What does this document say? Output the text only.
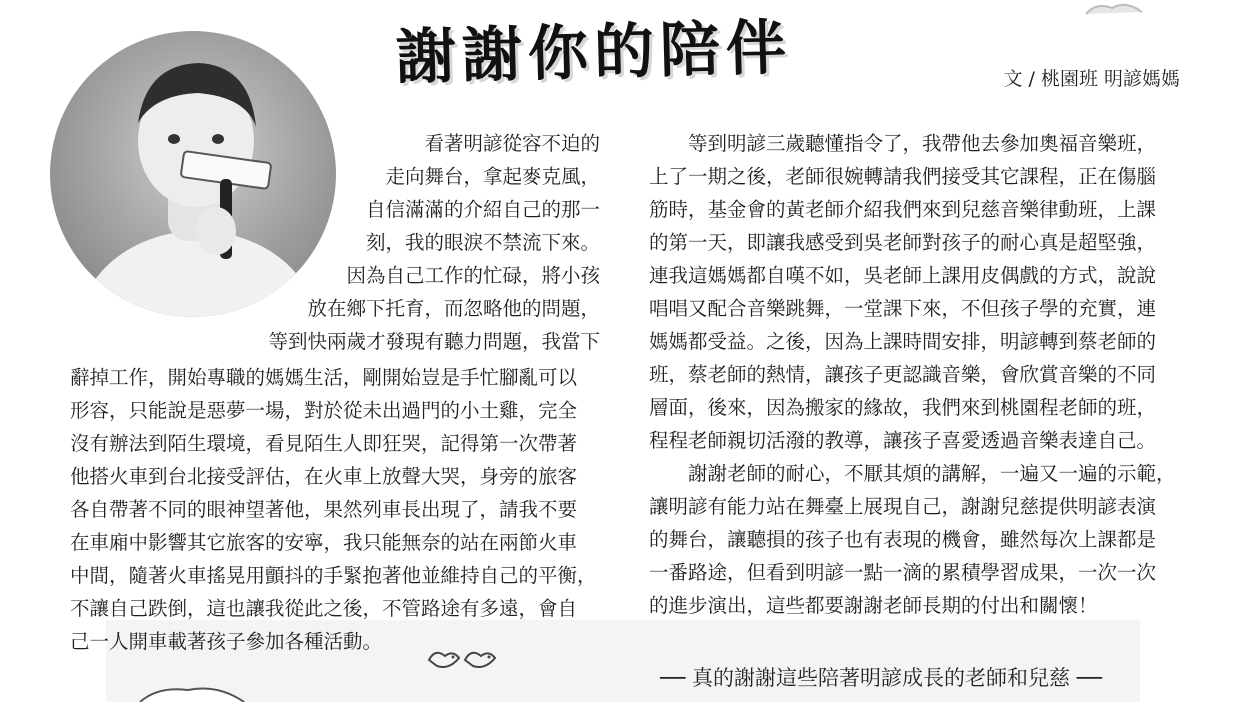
謝謝你的陪伴	文 / 桃園班 明諺媽媽
看著明諺從容不迫的
走向舞台，拿起麥克風，
自信滿滿的介紹自己的那一
刻，我的眼淚不禁流下來。
因為自己工作的忙碌，將小孩
放在鄉下托育，而忽略他的問題，
等到快兩歲才發現有聽力問題，我當下
辭掉工作，開始專職的媽媽生活，剛開始豈是手忙腳亂可以
形容，只能說是惡夢一場，對於從未出過門的小土雞，完全
沒有辦法到陌生環境，看見陌生人即狂哭，記得第一次帶著
他搭火車到台北接受評估，在火車上放聲大哭，身旁的旅客
各自帶著不同的眼神望著他，果然列車長出現了，請我不要
在車廂中影響其它旅客的安寧，我只能無奈的站在兩節火車
中間，隨著火車搖晃用顫抖的手緊抱著他並維持自己的平衡，
不讓自己跌倒，這也讓我從此之後，不管路途有多遠，會自
己一人開車載著孩子參加各種活動。
　　等到明諺三歲聽懂指令了，我帶他去參加奧福音樂班，
上了一期之後，老師很婉轉請我們接受其它課程，正在傷腦
筋時，基金會的黃老師介紹我們來到兒慈音樂律動班，上課
的第一天，即讓我感受到吳老師對孩子的耐心真是超堅強，
連我這媽媽都自嘆不如，吳老師上課用皮偶戲的方式，說說
唱唱又配合音樂跳舞，一堂課下來，不但孩子學的充實，連
媽媽都受益。之後，因為上課時間安排，明諺轉到蔡老師的
班，蔡老師的熱情，讓孩子更認識音樂，會欣賞音樂的不同
層面，後來，因為搬家的緣故，我們來到桃園程老師的班，
程程老師親切活潑的教導，讓孩子喜愛透過音樂表達自己。
　　謝謝老師的耐心，不厭其煩的講解，一遍又一遍的示範，
讓明諺有能力站在舞臺上展現自己，謝謝兒慈提供明諺表演
的舞台，讓聽損的孩子也有表現的機會，雖然每次上課都是
一番路途，但看到明諺一點一滴的累積學習成果，一次一次
的進步演出，這些都要謝謝老師長期的付出和關懷！
── 真的謝謝這些陪著明諺成長的老師和兒慈 ──
